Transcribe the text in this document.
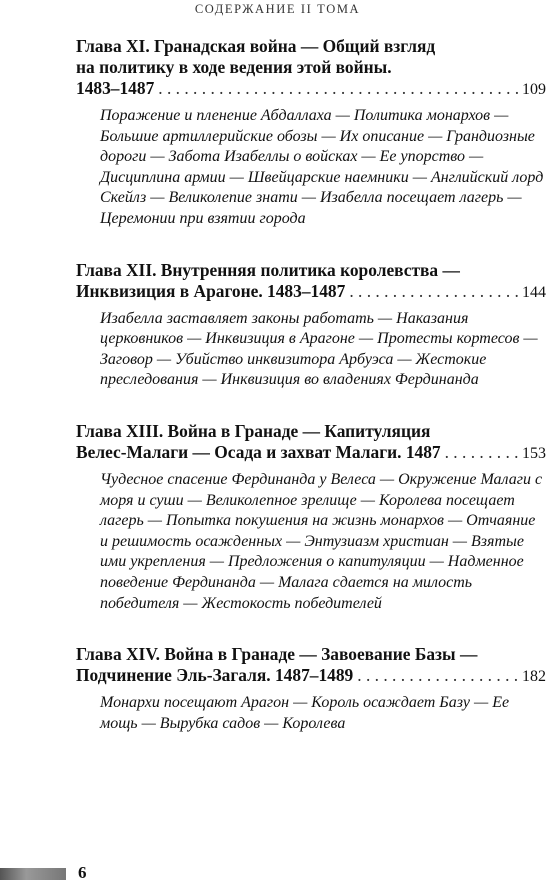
СОДЕРЖАНИЕ II ТОМА
Глава XI. Гранадская война — Общий взгляд
на политику в ходе ведения этой войны.
1483–1487 . . .	109
Поражение и пленение Абдаллаха — Политика монархов — Большие артиллерийские обозы — Их описание — Грандиозные дороги — Забота Изабеллы о войсках — Ее упорство — Дисциплина армии — Швейцарские наемники — Английский лорд Скейлз — Великолепие знати — Изабелла посещает лагерь — Церемонии при взятии города
Глава XII. Внутренняя политика королевства —
Инквизиция в Арагоне. 1483–1487 . . .	144
Изабелла заставляет законы работать — Наказания церковников — Инквизиция в Арагоне — Протесты кортесов — Заговор — Убийство инквизитора Арбуэса — Жестокие преследования — Инквизиция во владениях Фердинанда
Глава XIII. Война в Гранаде — Капитуляция
Велес-Малаги — Осада и захват Малаги. 1487 . . .	153
Чудесное спасение Фердинанда у Велеса — Окружение Малаги с моря и суши — Великолепное зрелище — Королева посещает лагерь — Попытка покушения на жизнь монархов — Отчаяние и решимость осажденных — Энтузиазм христиан — Взятые ими укрепления — Предложения о капитуляции — Надменное поведение Фердинанда — Малага сдается на милость победителя — Жестокость победителей
Глава XIV. Война в Гранаде — Завоевание Базы —
Подчинение Эль-Загаля. 1487–1489 . . .	182
Монархи посещают Арагон — Король осаждает Базу — Ее мощь — Вырубка садов — Королева
6
